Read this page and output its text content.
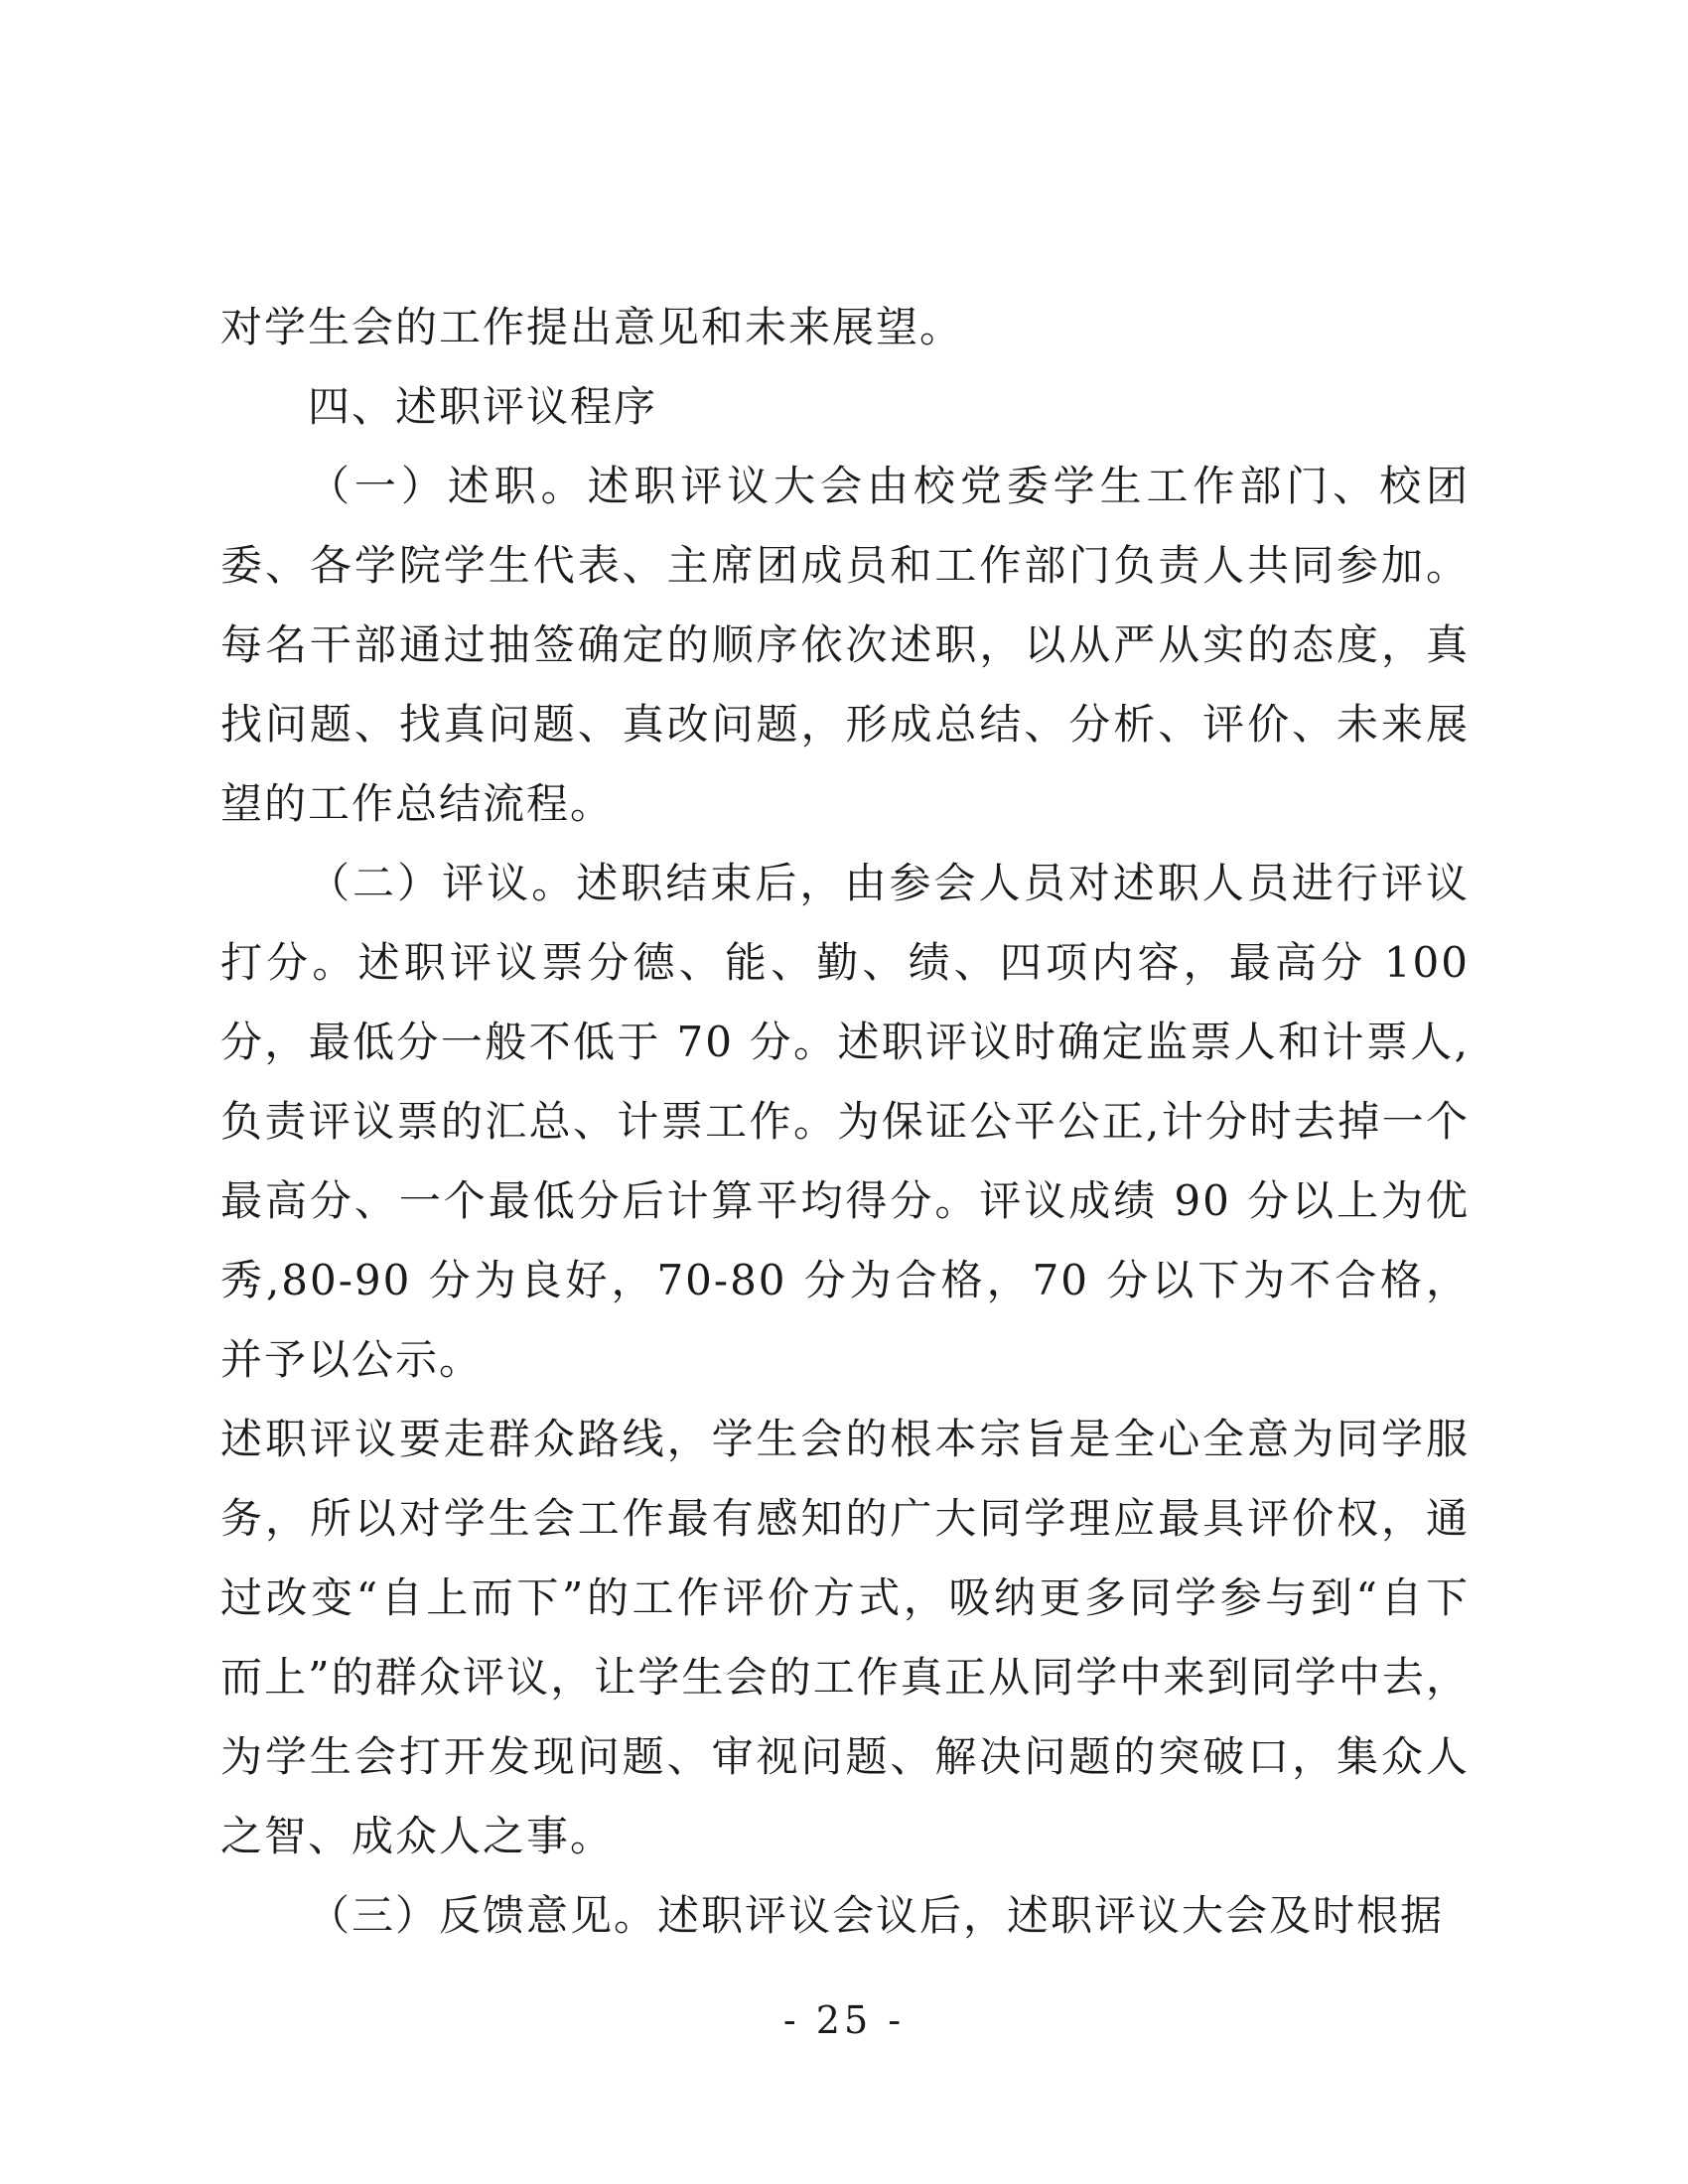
对学生会的工作提出意见和未来展望。

四、述职评议程序

（一）述职。述职评议大会由校党委学生工作部门、校团委、各学院学生代表、主席团成员和工作部门负责人共同参加。每名干部通过抽签确定的顺序依次述职，以从严从实的态度，真找问题、找真问题、真改问题，形成总结、分析、评价、未来展望的工作总结流程。

（二）评议。述职结束后，由参会人员对述职人员进行评议打分。述职评议票分德、能、勤、绩、四项内容，最高分 100 分，最低分一般不低于 70 分。述职评议时确定监票人和计票人,负责评议票的汇总、计票工作。为保证公平公正,计分时去掉一个最高分、一个最低分后计算平均得分。评议成绩 90 分以上为优秀,80-90 分为良好，70-80 分为合格，70 分以下为不合格，并予以公示。

述职评议要走群众路线，学生会的根本宗旨是全心全意为同学服务，所以对学生会工作最有感知的广大同学理应最具评价权，通过改变“自上而下”的工作评价方式，吸纳更多同学参与到“自下而上”的群众评议，让学生会的工作真正从同学中来到同学中去，为学生会打开发现问题、审视问题、解决问题的突破口，集众人之智、成众人之事。

（三）反馈意见。述职评议会议后，述职评议大会及时根据

- 25 -
